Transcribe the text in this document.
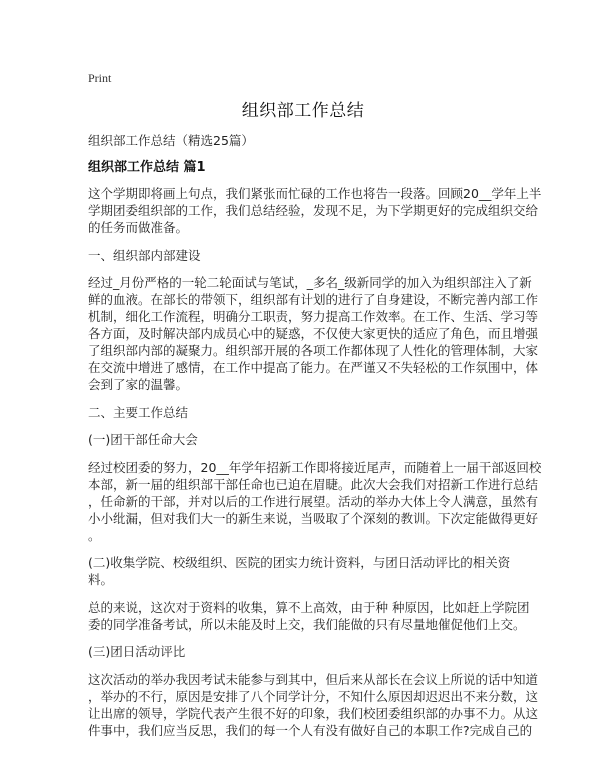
Print
组织部工作总结
组织部工作总结（精选25篇）
组织部工作总结 篇1
这个学期即将画上句点，我们紧张而忙碌的工作也将告一段落。回顾20__学年上半
学期团委组织部的工作，我们总结经验，发现不足，为下学期更好的完成组织交给
的任务而做准备。
一、组织部内部建设
经过_月份严格的一轮二轮面试与笔试，_多名_级新同学的加入为组织部注入了新
鲜的血液。在部长的带领下，组织部有计划的进行了自身建设，不断完善内部工作
机制，细化工作流程，明确分工职责，努力提高工作效率。在工作、生活、学习等
各方面，及时解决部内成员心中的疑惑，不仅使大家更快的适应了角色，而且增强
了组织部内部的凝聚力。组织部开展的各项工作都体现了人性化的管理体制，大家
在交流中增进了感情，在工作中提高了能力。在严谨又不失轻松的工作氛围中，体
会到了家的温馨。
二、主要工作总结
(一)团干部任命大会
经过校团委的努力，20__年学年招新工作即将接近尾声，而随着上一届干部返回校
本部，新一届的组织部干部任命也已迫在眉睫。此次大会我们对招新工作进行总结
，任命新的干部，并对以后的工作进行展望。活动的举办大体上令人满意，虽然有
小小纰漏，但对我们大一的新生来说，当吸取了个深刻的教训。下次定能做得更好
。
(二)收集学院、校级组织、医院的团实力统计资料，与团日活动评比的相关资料。
总的来说，这次对于资料的收集，算不上高效，由于种 种原因，比如赶上学院团
委的同学准备考试，所以未能及时上交，我们能做的只有尽量地催促他们上交。
(三)团日活动评比
这次活动的举办我因考试未能参与到其中，但后来从部长在会议上所说的话中知道
，举办的不行，原因是安排了八个同学计分，不知什么原因却迟迟出不来分数，这
让出席的领导，学院代表产生很不好的印象，我们校团委组织部的办事不力。从这
件事中，我们应当反思，我们的每一个人有没有做好自己的本职工作?完成自己的
